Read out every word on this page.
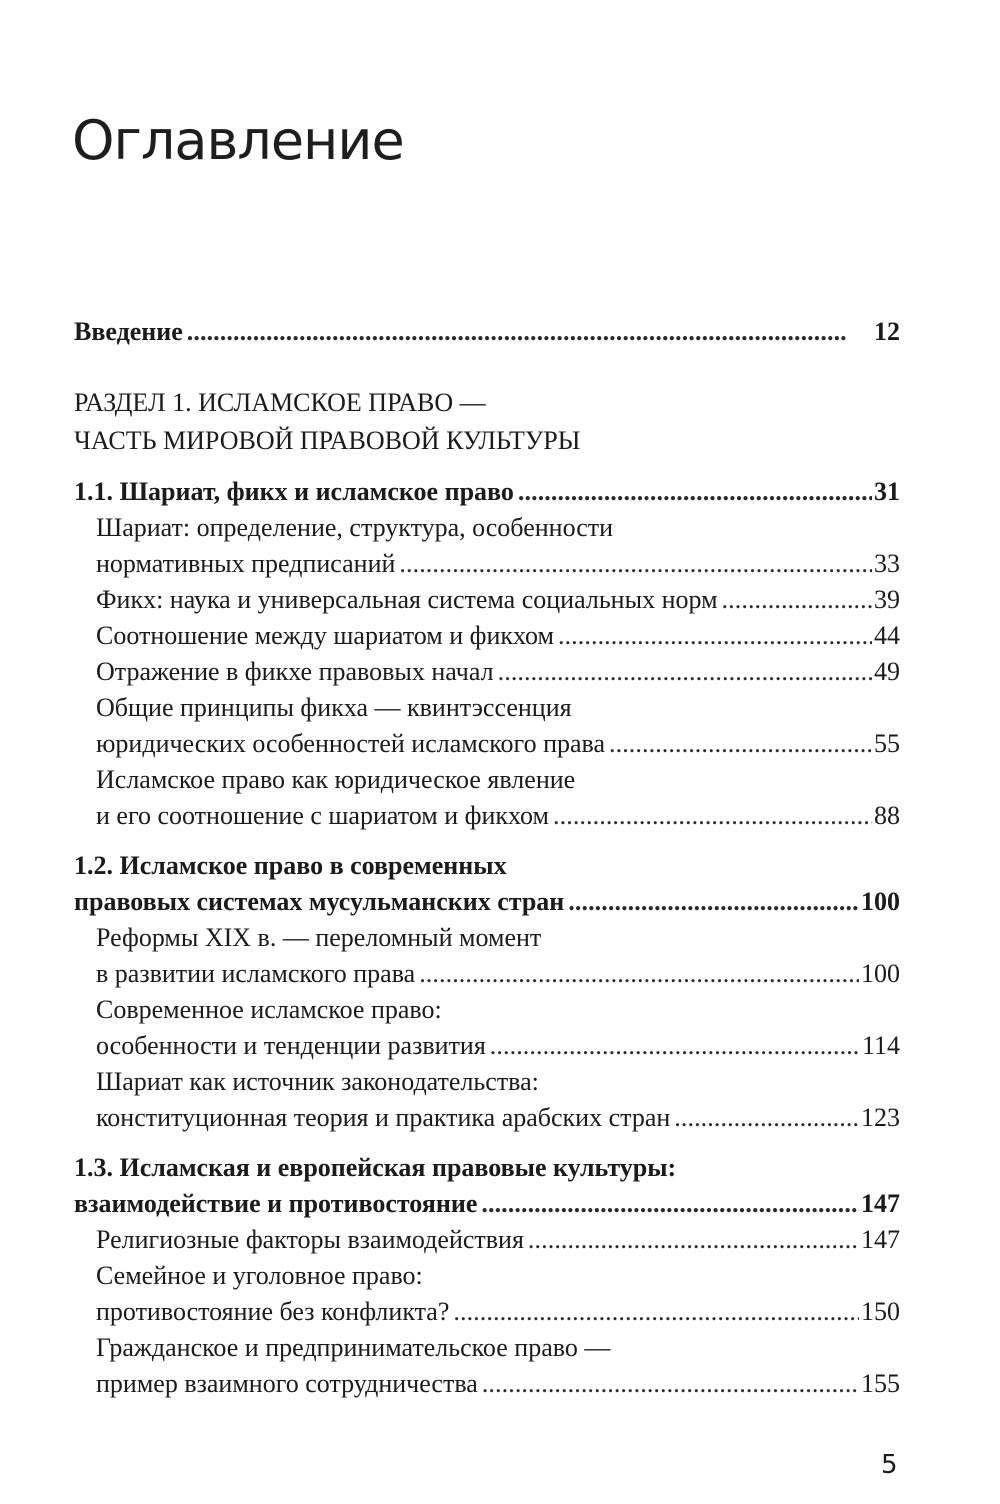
Оглавление
Введение . . .	12
РАЗДЕЛ 1. ИСЛАМСКОЕ ПРАВО —
ЧАСТЬ МИРОВОЙ ПРАВОВОЙ КУЛЬТУРЫ
1.1. Шариат, фикх и исламское право . . .	31
Шариат: определение, структура, особенности
нормативных предписаний . . .	33
Фикх: наука и универсальная система социальных норм . . .	39
Соотношение между шариатом и фикхом . . .	44
Отражение в фикхе правовых начал . . .	49
Общие принципы фикха — квинтэссенция
юридических особенностей исламского права . . .	55
Исламское право как юридическое явление
и его соотношение с шариатом и фикхом . . .	88
1.2. Исламское право в современных
правовых системах мусульманских стран . . .	100
Реформы XIX в. — переломный момент
в развитии исламского права . . .	100
Современное исламское право:
особенности и тенденции развития . . .	114
Шариат как источник законодательства:
конституционная теория и практика арабских стран . . .	123
1.3. Исламская и европейская правовые культуры:
взаимодействие и противостояние . . .	147
Религиозные факторы взаимодействия . . .	147
Семейное и уголовное право:
противостояние без конфликта? . . .	150
Гражданское и предпринимательское право —
пример взаимного сотрудничества . . .	155
5
